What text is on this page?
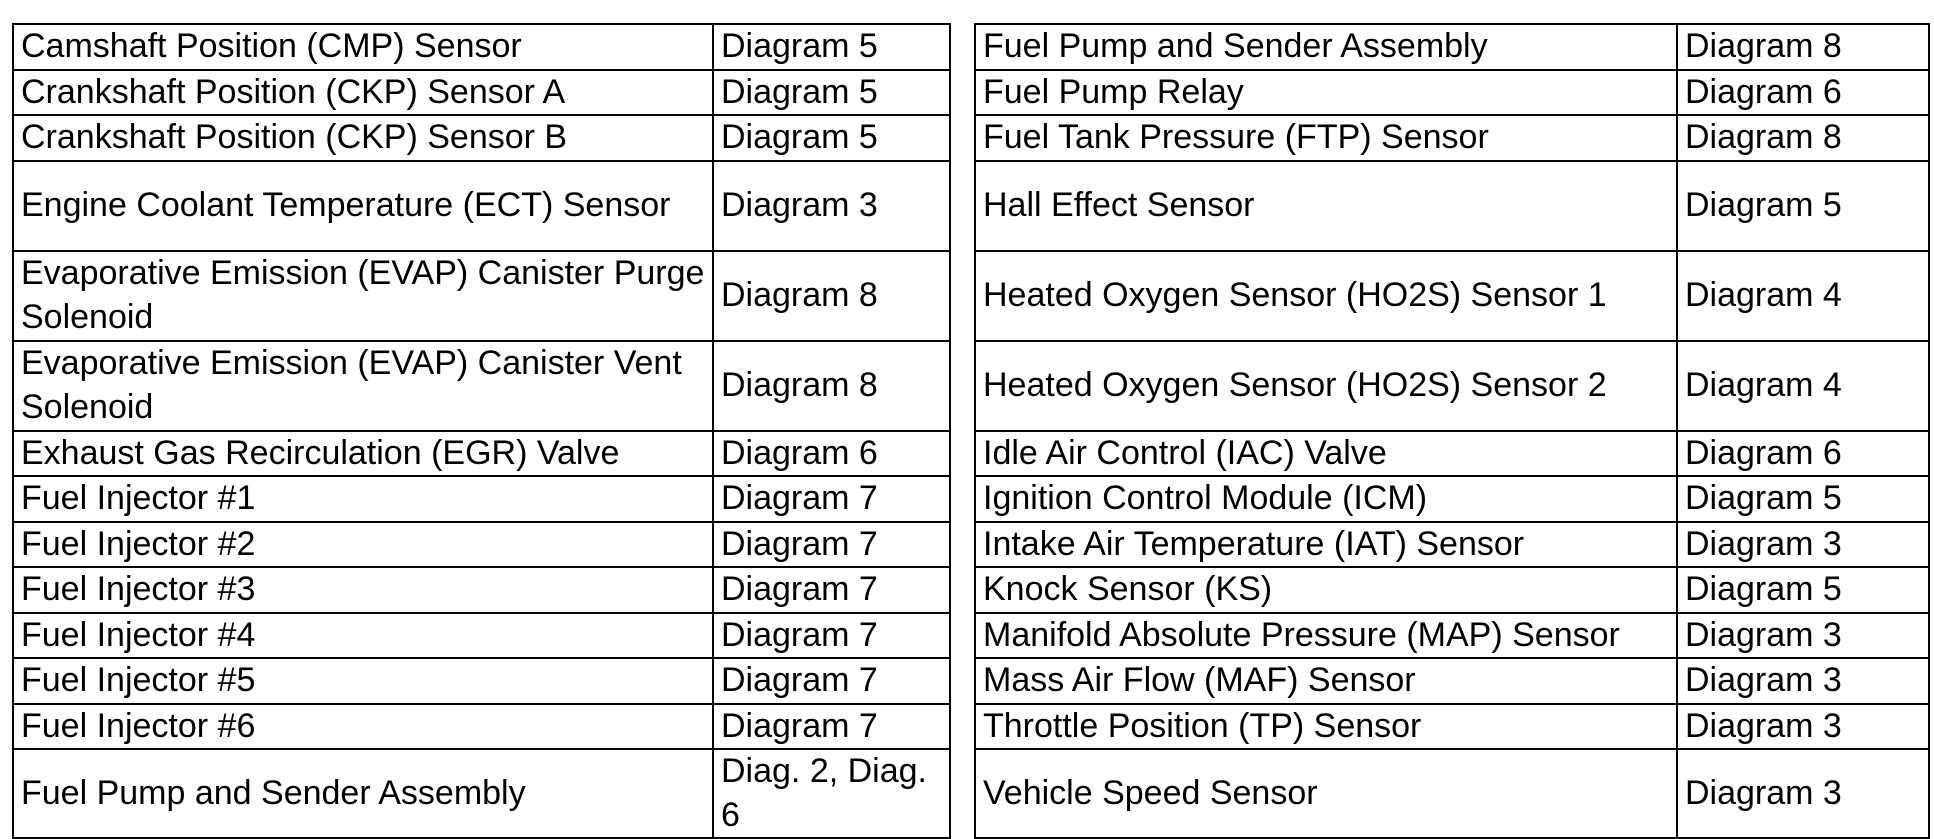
Camshaft Position (CMP) Sensor	Diagram 5		Fuel Pump and Sender Assembly	Diagram 8
Crankshaft Position (CKP) Sensor A	Diagram 5		Fuel Pump Relay	Diagram 6
Crankshaft Position (CKP) Sensor B	Diagram 5		Fuel Tank Pressure (FTP) Sensor	Diagram 8
Engine Coolant Temperature (ECT) Sensor	Diagram 3		Hall Effect Sensor	Diagram 5
Evaporative Emission (EVAP) Canister Purge Solenoid	Diagram 8		Heated Oxygen Sensor (HO2S) Sensor 1	Diagram 4
Evaporative Emission (EVAP) Canister Vent Solenoid	Diagram 8		Heated Oxygen Sensor (HO2S) Sensor 2	Diagram 4
Exhaust Gas Recirculation (EGR) Valve	Diagram 6		Idle Air Control (IAC) Valve	Diagram 6
Fuel Injector #1	Diagram 7		Ignition Control Module (ICM)	Diagram 5
Fuel Injector #2	Diagram 7		Intake Air Temperature (IAT) Sensor	Diagram 3
Fuel Injector #3	Diagram 7		Knock Sensor (KS)	Diagram 5
Fuel Injector #4	Diagram 7		Manifold Absolute Pressure (MAP) Sensor	Diagram 3
Fuel Injector #5	Diagram 7		Mass Air Flow (MAF) Sensor	Diagram 3
Fuel Injector #6	Diagram 7		Throttle Position (TP) Sensor	Diagram 3
Fuel Pump and Sender Assembly	Diag. 2, Diag. 6		Vehicle Speed Sensor	Diagram 3
